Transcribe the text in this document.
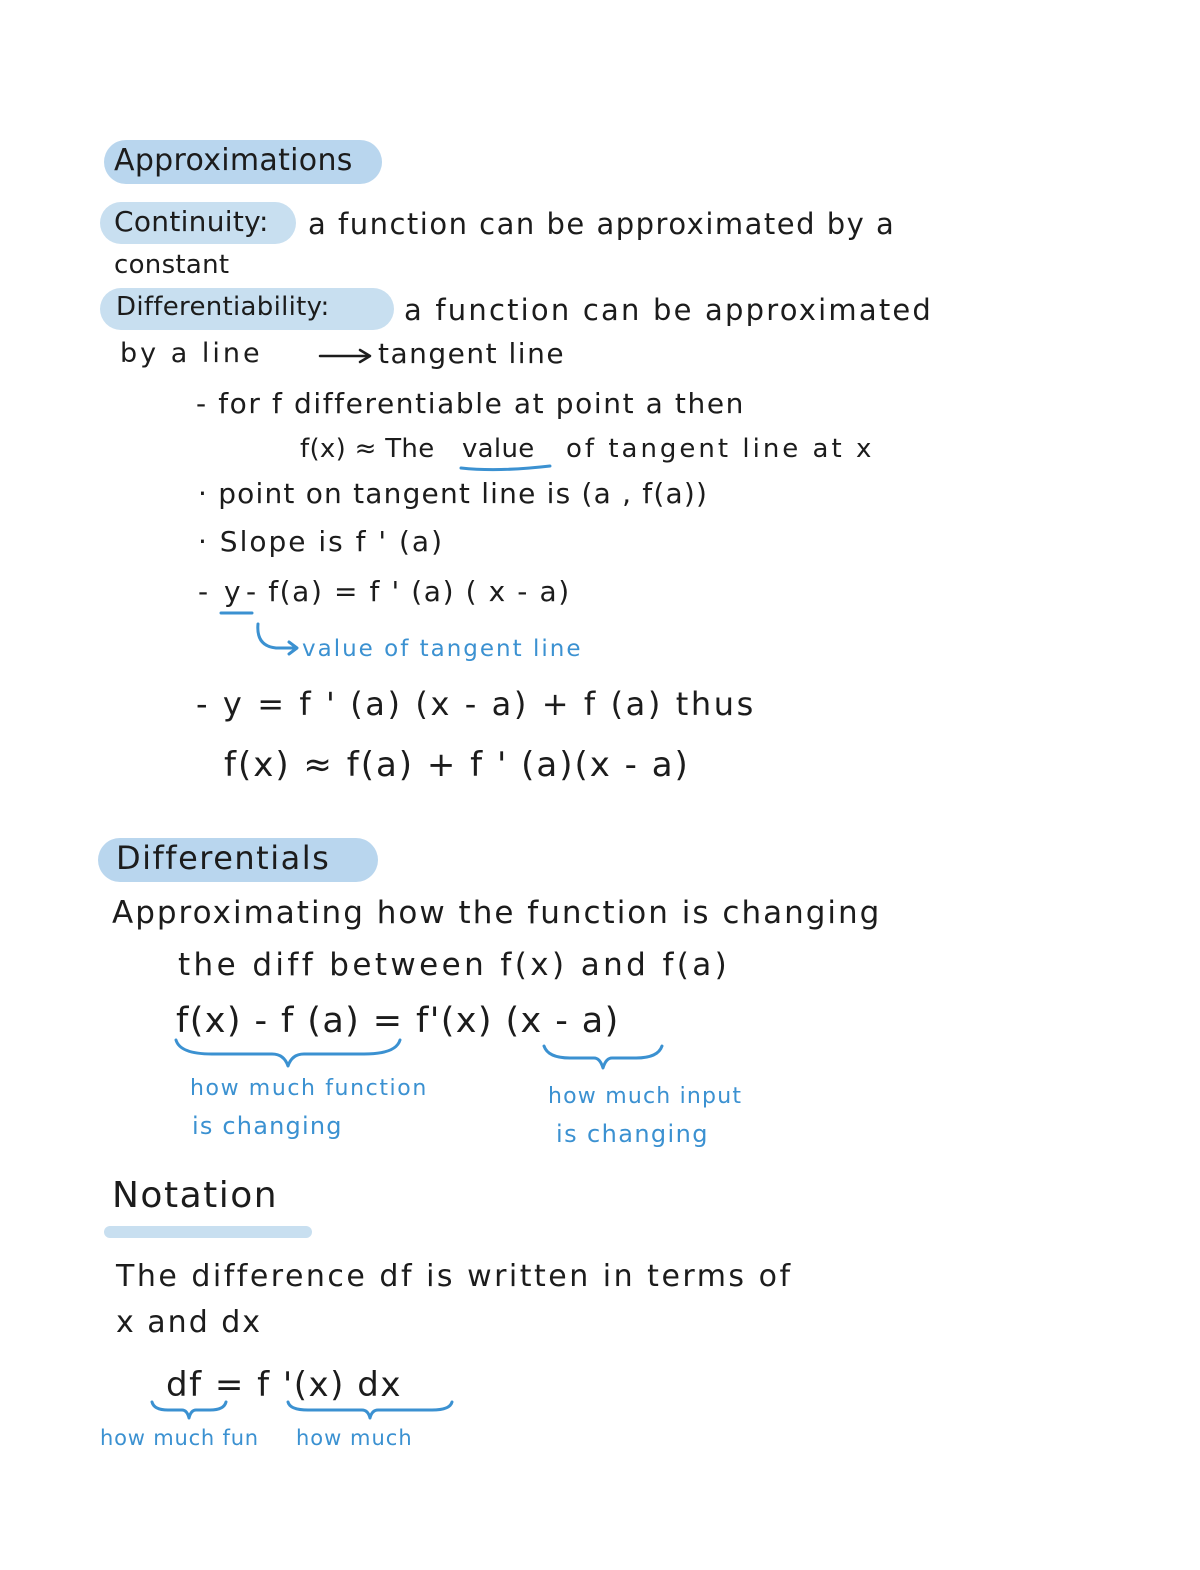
Approximations
Continuity: a function can be approximated by a
constant
Differentiability:	a function can be approximated
by a line	tangent line
- for f differentiable at point a then
f(x) ≈ The value of tangent line at x
· point on tangent line is (a , f(a))
· Slope is f ' (a)
- y - f(a) = f ' (a) ( x - a)
value of tangent line
- y = f ' (a) (x - a) + f (a) thus
f(x) ≈ f(a) + f ' (a)(x - a)
Differentials
Approximating how the function is changing
the diff between f(x) and f(a)
f(x) - f (a) = f'(x) (x - a)
how much function
is changing
how much input
is changing
Notation
The difference df is written in terms of
x and dx
df = f '(x) dx
how much fun how much
